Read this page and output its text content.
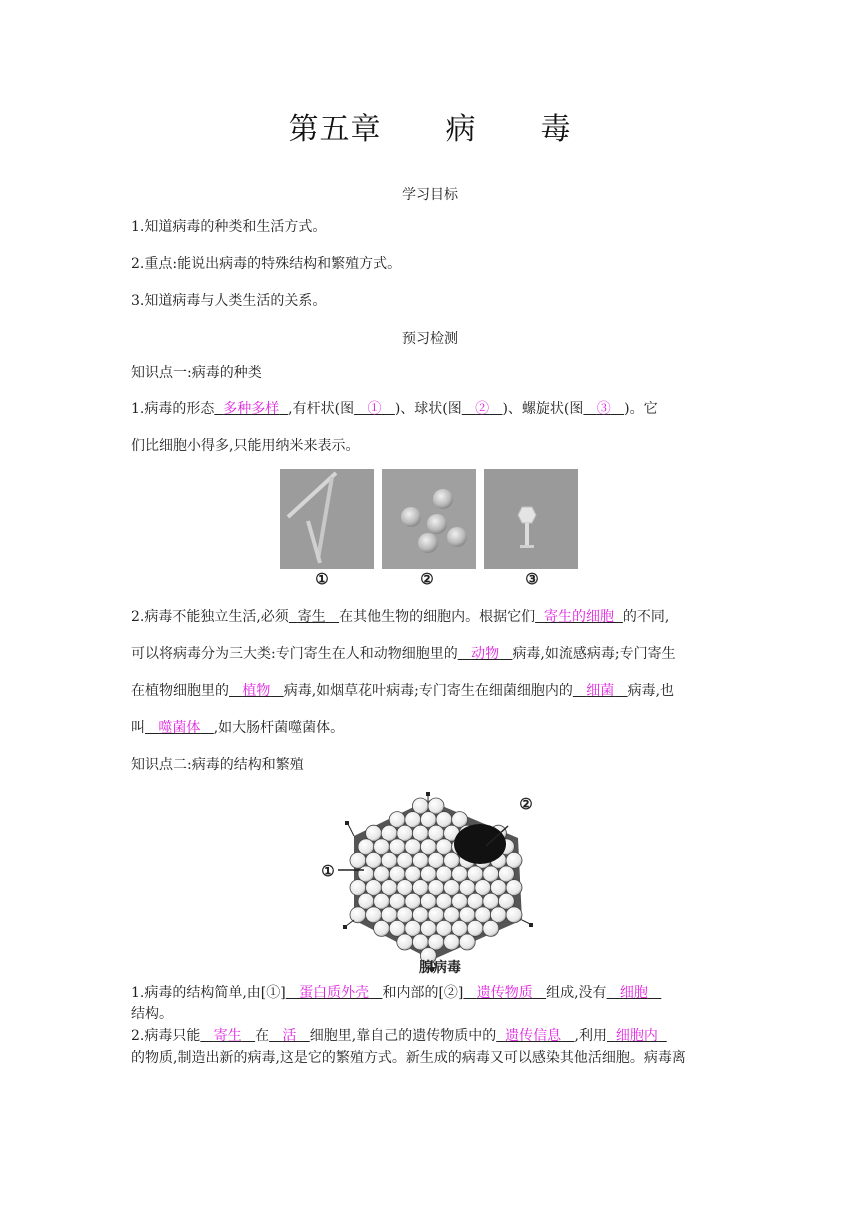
第五章 病 毒
学习目标
1.知道病毒的种类和生活方式。
2.重点:能说出病毒的特殊结构和繁殖方式。
3.知道病毒与人类生活的关系。
预习检测
知识点一:病毒的种类
1.病毒的形态 多种多样 ,有杆状(图 ① )、球状(图 ② )、螺旋状(图 ③ )。它
们比细胞小得多,只能用纳米来表示。
①	②	③
2.病毒不能独立生活,必须 寄生 在其他生物的细胞内。根据它们 寄生的细胞 的不同,
可以将病毒分为三大类:专门寄生在人和动物细胞里的 动物 病毒,如流感病毒;专门寄生
在植物细胞里的 植物 病毒,如烟草花叶病毒;专门寄生在细菌细胞内的 细菌 病毒,也
叫 噬菌体 ,如大肠杆菌噬菌体。
知识点二:病毒的结构和繁殖
①
②
腺病毒
1.病毒的结构简单,由[①] 蛋白质外壳 和内部的[②] 遗传物质 组成,没有 细胞
结构。
2.病毒只能 寄生 在 活 细胞里,靠自己的遗传物质中的 遗传信息 ,利用 细胞内
的物质,制造出新的病毒,这是它的繁殖方式。新生成的病毒又可以感染其他活细胞。病毒离
